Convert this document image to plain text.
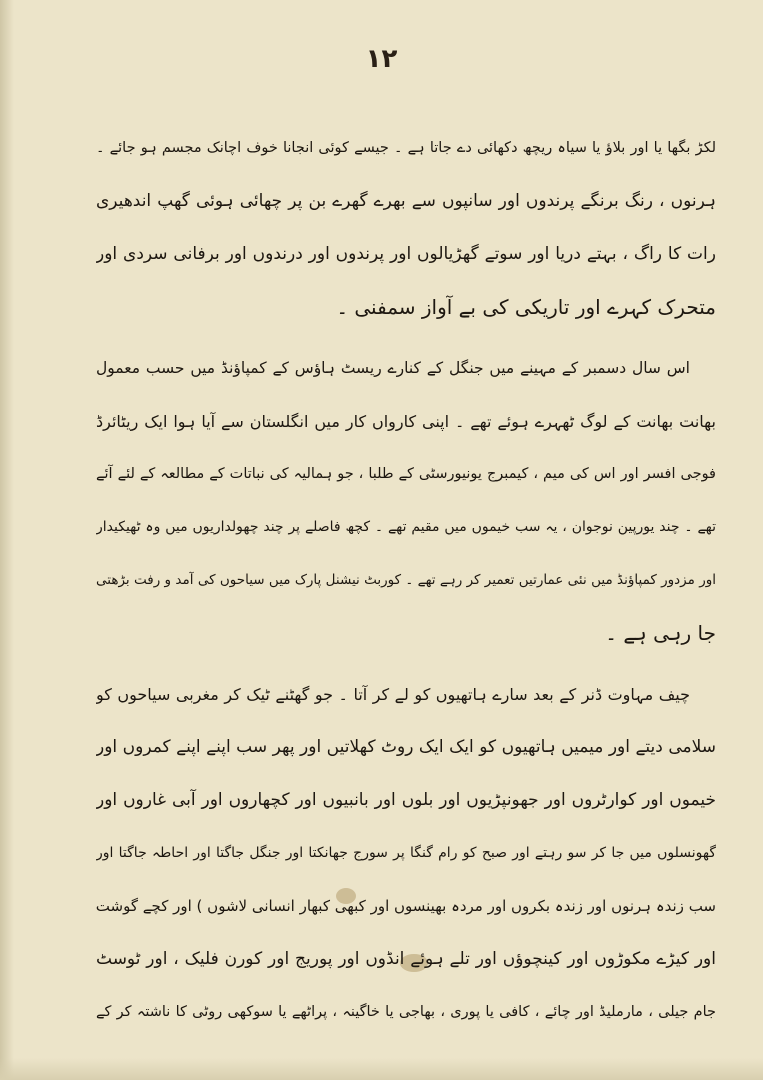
۱۲
لکڑ بگھا یا اور بلاؤ یا سیاہ ریچھ دکھائی دے جاتا ہے ۔ جیسے کوئی انجانا خوف اچانک مجسم ہو جائے ۔
ہرنوں ، رنگ برنگے پرندوں اور سانپوں سے بھرے گھرے بن پر چھائی ہوئی گھپ اندھیری
رات کا راگ ، بہتے دریا اور سوتے گھڑیالوں اور پرندوں اور درندوں اور برفانی سردی اور
متحرک کہرے اور تاریکی کی بے آواز سمفنی ۔
اس سال دسمبر کے مہینے میں جنگل کے کنارے ریسٹ ہاؤس کے کمپاؤنڈ میں حسب معمول
بھانت بھانت کے لوگ ٹھہرے ہوئے تھے ۔ اپنی کارواں کار میں انگلستان سے آیا ہوا ایک ریٹائرڈ
فوجی افسر اور اس کی میم ، کیمبرج یونیورسٹی کے طلبا ، جو ہمالیہ کی نباتات کے مطالعہ کے لئے آئے
تھے ۔ چند یورپین نوجوان ، یہ سب خیموں میں مقیم تھے ۔ کچھ فاصلے پر چند چھولداریوں میں وہ ٹھیکیدار
اور مزدور کمپاؤنڈ میں نئی عمارتیں تعمیر کر رہے تھے ۔ کوربٹ نیشنل پارک میں سیاحوں کی آمد و رفت بڑھتی
جا رہی ہے ۔
چیف مہاوت ڈنر کے بعد سارے ہاتھیوں کو لے کر آتا ۔ جو گھٹنے ٹیک کر مغربی سیاحوں کو
سلامی دیتے اور میمیں ہاتھیوں کو ایک ایک روٹ کھلاتیں اور پھر سب اپنے اپنے کمروں اور
خیموں اور کوارٹروں اور جھونپڑیوں اور بلوں اور بانبیوں اور کچھاروں اور آبی غاروں اور
گھونسلوں میں جا کر سو رہتے اور صبح کو رام گنگا پر سورج جھانکتا اور جنگل جاگتا اور احاطہ جاگتا اور
سب زندہ ہرنوں اور زندہ بکروں اور مردہ بھینسوں اور کبھی کبھار انسانی لاشوں ) اور کچے گوشت
اور کیڑے مکوڑوں اور کینچوؤں اور تلے ہوئے انڈوں اور پوریج اور کورن فلیک ، اور ٹوسٹ
جام جیلی ، مارملیڈ اور چائے ، کافی یا پوری ، بھاجی یا خاگینہ ، پراٹھے یا سوکھی روٹی کا ناشتہ کر کے
